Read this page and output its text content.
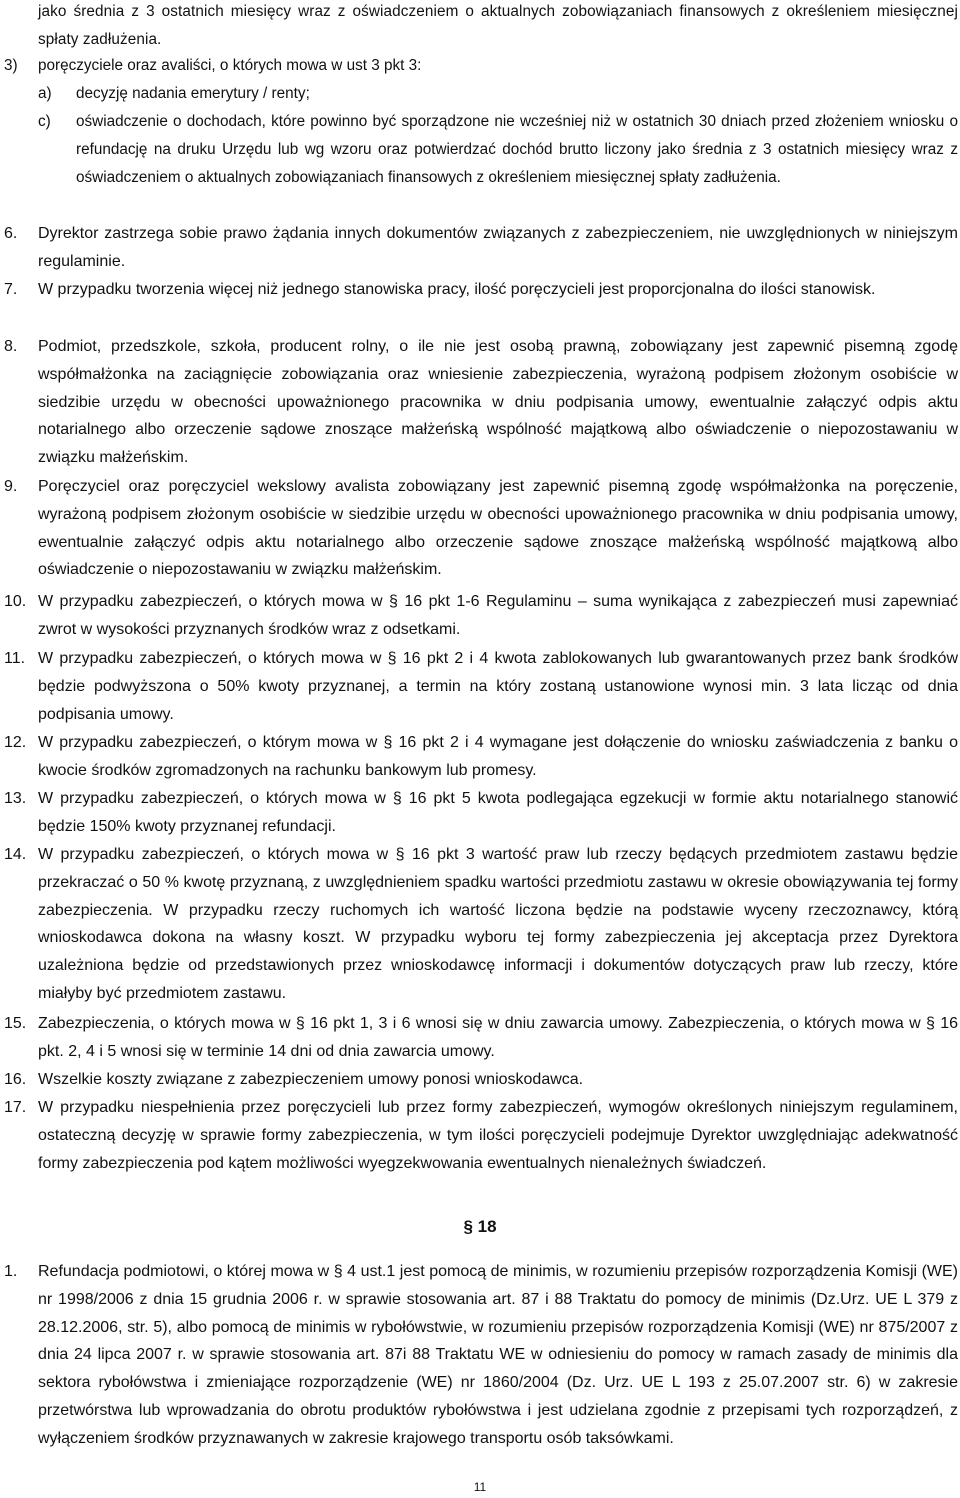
jako średnia z 3 ostatnich miesięcy wraz z oświadczeniem o aktualnych zobowiązaniach finansowych z określeniem miesięcznej spłaty zadłużenia.

3) poręczyciele oraz avaliści, o których mowa w ust 3 pkt 3:
a) decyzję nadania emerytury / renty;
c) oświadczenie o dochodach, które powinno być sporządzone nie wcześniej niż w ostatnich 30 dniach przed złożeniem wniosku o refundację na druku Urzędu lub wg wzoru oraz potwierdzać dochód brutto liczony jako średnia z 3 ostatnich miesięcy wraz z oświadczeniem o aktualnych zobowiązaniach finansowych z określeniem miesięcznej spłaty zadłużenia.
6. Dyrektor zastrzega sobie prawo żądania innych dokumentów związanych z zabezpieczeniem, nie uwzględnionych w niniejszym regulaminie.
7. W przypadku tworzenia więcej niż jednego stanowiska pracy, ilość poręczycieli jest proporcjonalna do ilości stanowisk.
8. Podmiot, przedszkole, szkoła, producent rolny, o ile nie jest osobą prawną, zobowiązany jest zapewnić pisemną zgodę współmałżonka na zaciągnięcie zobowiązania oraz wniesienie zabezpieczenia, wyrażoną podpisem złożonym osobiście w siedzibie urzędu w obecności upoważnionego pracownika w dniu podpisania umowy, ewentualnie załączyć odpis aktu notarialnego albo orzeczenie sądowe znoszące małżeńską wspólność majątkową albo oświadczenie o niepozostawaniu w związku małżeńskim.
9. Poręczyciel oraz poręczyciel wekslowy avalista zobowiązany jest zapewnić pisemną zgodę współmałżonka na poręczenie, wyrażoną podpisem złożonym osobiście w siedzibie urzędu w obecności upoważnionego pracownika w dniu podpisania umowy, ewentualnie załączyć odpis aktu notarialnego albo orzeczenie sądowe znoszące małżeńską wspólność majątkową albo oświadczenie o niepozostawaniu w związku małżeńskim.
10. W przypadku zabezpieczeń, o których mowa w § 16 pkt 1-6 Regulaminu – suma wynikająca z zabezpieczeń musi zapewniać zwrot w wysokości przyznanych środków wraz z odsetkami.
11. W przypadku zabezpieczeń, o których mowa w § 16 pkt 2 i 4 kwota zablokowanych lub gwarantowanych przez bank środków będzie podwyższona o 50% kwoty przyznanej, a termin na który zostaną ustanowione wynosi min. 3 lata licząc od dnia podpisania umowy.
12. W przypadku zabezpieczeń, o którym mowa w § 16 pkt 2 i 4 wymagane jest dołączenie do wniosku zaświadczenia z banku o kwocie środków zgromadzonych na rachunku bankowym lub promesy.
13. W przypadku zabezpieczeń, o których mowa w § 16 pkt 5 kwota podlegająca egzekucji w formie aktu notarialnego stanowić będzie 150% kwoty przyznanej refundacji.
14. W przypadku zabezpieczeń, o których mowa w § 16 pkt 3 wartość praw lub rzeczy będących przedmiotem zastawu będzie przekraczać o 50 % kwotę przyznaną, z uwzględnieniem spadku wartości przedmiotu zastawu w okresie obowiązywania tej formy zabezpieczenia. W przypadku rzeczy ruchomych ich wartość liczona będzie na podstawie wyceny rzeczoznawcy, którą wnioskodawca dokona na własny koszt. W przypadku wyboru tej formy zabezpieczenia jej akceptacja przez Dyrektora uzależniona będzie od przedstawionych przez wnioskodawcę informacji i dokumentów dotyczących praw lub rzeczy, które miałyby być przedmiotem zastawu.
15. Zabezpieczenia, o których mowa w § 16 pkt 1, 3 i 6 wnosi się w dniu zawarcia umowy. Zabezpieczenia, o których mowa w § 16 pkt. 2, 4 i 5 wnosi się w terminie 14 dni od dnia zawarcia umowy.
16. Wszelkie koszty związane z zabezpieczeniem umowy ponosi wnioskodawca.
17. W przypadku niespełnienia przez poręczycieli lub przez formy zabezpieczeń, wymogów określonych niniejszym regulaminem, ostateczną decyzję w sprawie formy zabezpieczenia, w tym ilości poręczycieli podejmuje Dyrektor uwzględniając adekwatność formy zabezpieczenia pod kątem możliwości wyegzekwowania ewentualnych nienależnych świadczeń.
§ 18
1. Refundacja podmiotowi, o której mowa w § 4 ust.1 jest pomocą de minimis, w rozumieniu przepisów rozporządzenia Komisji (WE) nr 1998/2006 z dnia 15 grudnia 2006 r. w sprawie stosowania art. 87 i 88 Traktatu do pomocy de minimis (Dz.Urz. UE L 379 z 28.12.2006, str. 5), albo pomocą de minimis w rybołówstwie, w rozumieniu przepisów rozporządzenia Komisji (WE) nr 875/2007 z dnia 24 lipca 2007 r. w sprawie stosowania art. 87i 88 Traktatu WE w odniesieniu do pomocy w ramach zasady de minimis dla sektora rybołówstwa i zmieniające rozporządzenie (WE) nr 1860/2004 (Dz. Urz. UE L 193 z 25.07.2007 str. 6) w zakresie przetwórstwa lub wprowadzania do obrotu produktów rybołówstwa i jest udzielana zgodnie z przepisami tych rozporządzeń, z wyłączeniem środków przyznawanych w zakresie krajowego transportu osób taksówkami.
11
